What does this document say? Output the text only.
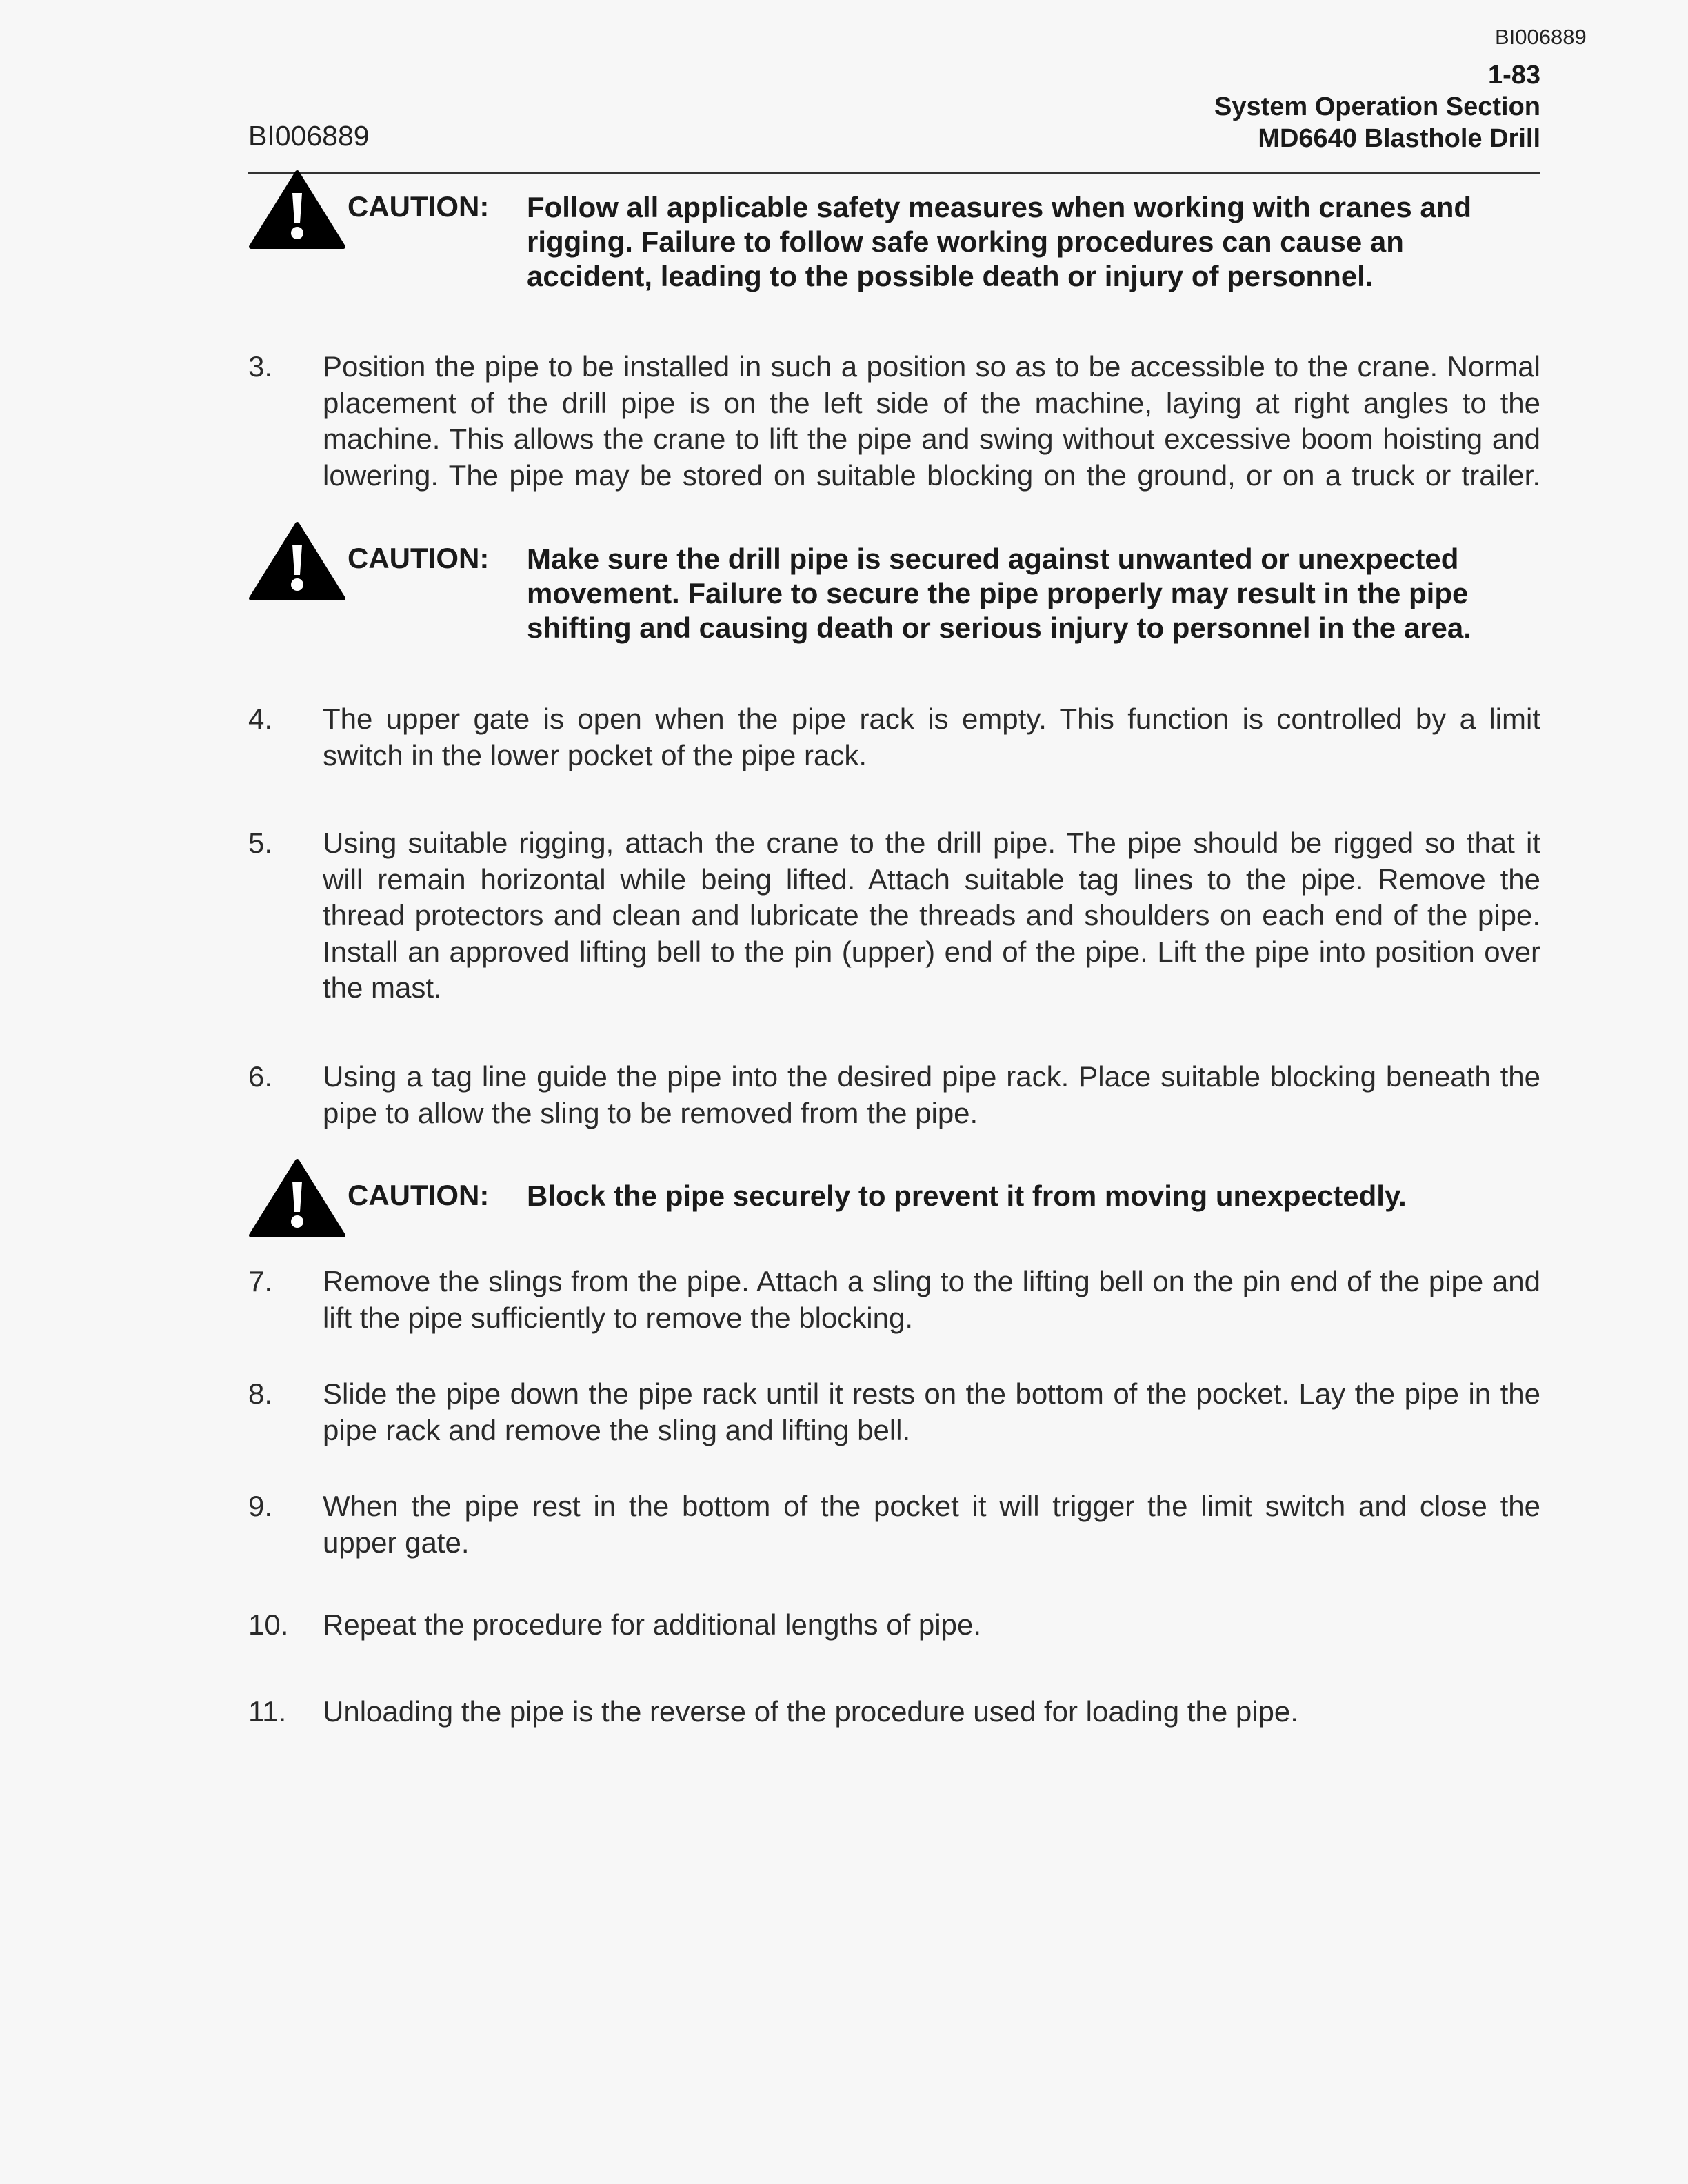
BI006889
BI006889
1-83
System Operation Section
MD6640 Blasthole Drill
CAUTION: Follow all applicable safety measures when working with cranes and
rigging. Failure to follow safe working procedures can cause an
accident, leading to the possible death or injury of personnel.
3. Position the pipe to be installed in such a position so as to be accessible to the crane. Normal
placement of the drill pipe is on the left side of the machine, laying at right angles to the
machine. This allows the crane to lift the pipe and swing without excessive boom hoisting and
lowering. The pipe may be stored on suitable blocking on the ground, or on a truck or trailer.
CAUTION: Make sure the drill pipe is secured against unwanted or unexpected
movement. Failure to secure the pipe properly may result in the pipe
shifting and causing death or serious injury to personnel in the area.
4. The upper gate is open when the pipe rack is empty. This function is controlled by a limit
switch in the lower pocket of the pipe rack.
5. Using suitable rigging, attach the crane to the drill pipe. The pipe should be rigged so that it
will remain horizontal while being lifted. Attach suitable tag lines to the pipe. Remove the
thread protectors and clean and lubricate the threads and shoulders on each end of the pipe.
Install an approved lifting bell to the pin (upper) end of the pipe. Lift the pipe into position over
the mast.
6. Using a tag line guide the pipe into the desired pipe rack. Place suitable blocking beneath the
pipe to allow the sling to be removed from the pipe.
CAUTION: Block the pipe securely to prevent it from moving unexpectedly.
7. Remove the slings from the pipe. Attach a sling to the lifting bell on the pin end of the pipe and
lift the pipe sufficiently to remove the blocking.
8. Slide the pipe down the pipe rack until it rests on the bottom of the pocket. Lay the pipe in the
pipe rack and remove the sling and lifting bell.
9. When the pipe rest in the bottom of the pocket it will trigger the limit switch and close the
upper gate.
10. Repeat the procedure for additional lengths of pipe.
11. Unloading the pipe is the reverse of the procedure used for loading the pipe.
